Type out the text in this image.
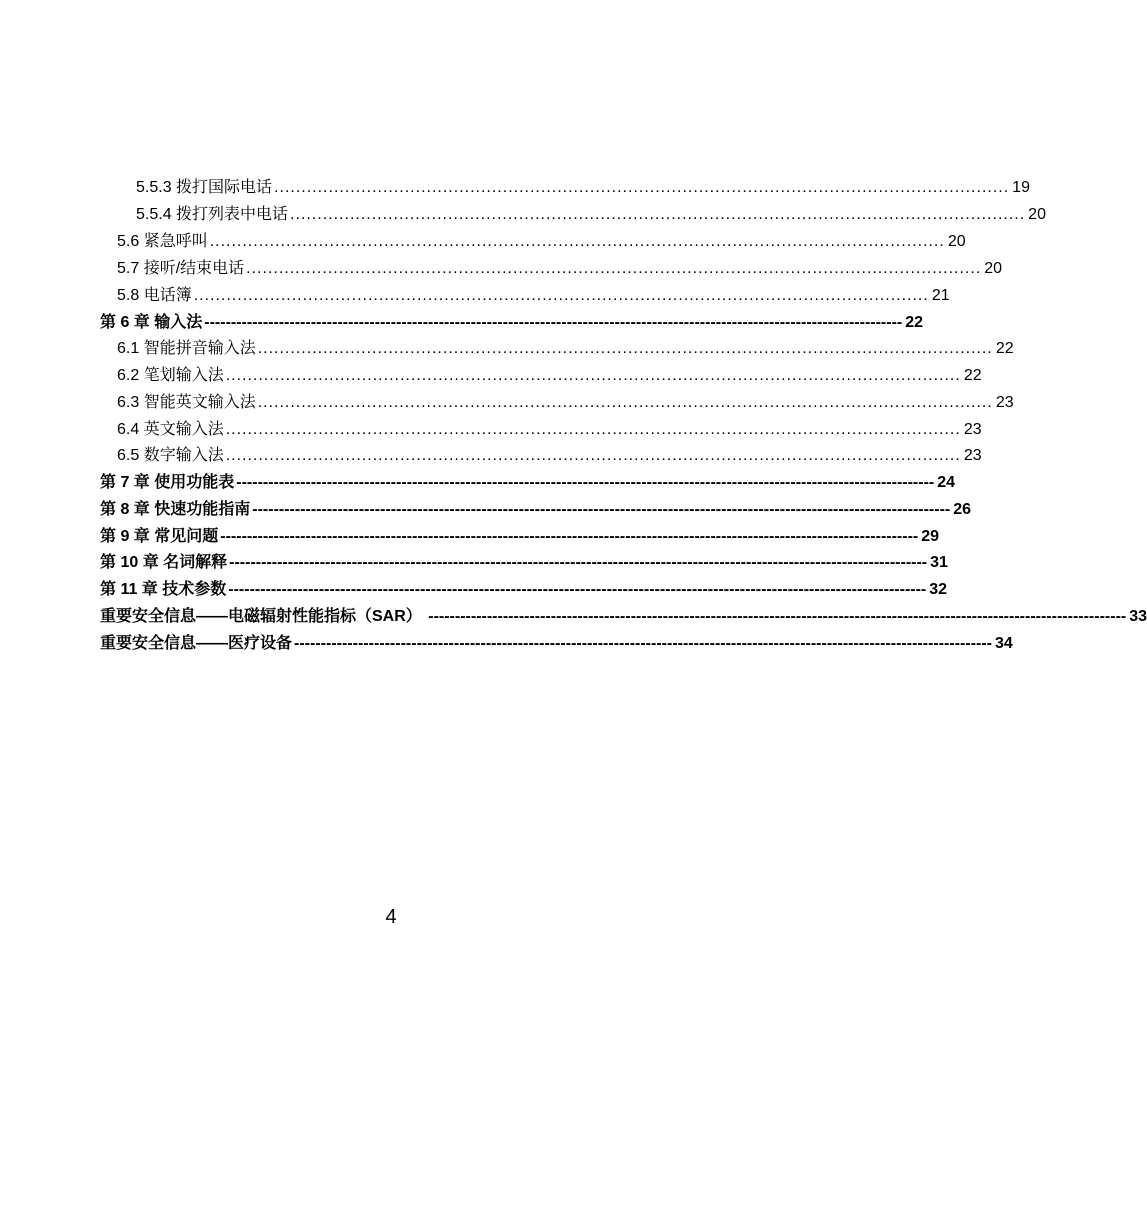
5.5.3 拨打国际电话 ....................................................................................................................................... 19
5.5.4 拨打列表中电话 ....................................................................................................................................... 20
5.6 紧急呼叫 ....................................................................................................................................... 20
5.7 接听/结束电话 ....................................................................................................................................... 20
5.8 电话簿 ....................................................................................................................................... 21
第 6 章 输入法 ----------------------------------------------------------------------------------------------------------------------------------- 22
6.1 智能拼音输入法 ....................................................................................................................................... 22
6.2 笔划输入法 ....................................................................................................................................... 22
6.3 智能英文输入法 ....................................................................................................................................... 23
6.4 英文输入法 ....................................................................................................................................... 23
6.5 数字输入法 ....................................................................................................................................... 23
第 7 章 使用功能表 ----------------------------------------------------------------------------------------------------------------------------------- 24
第 8 章 快速功能指南 ----------------------------------------------------------------------------------------------------------------------------------- 26
第 9 章 常见问题 ----------------------------------------------------------------------------------------------------------------------------------- 29
第 10 章 名词解释 ----------------------------------------------------------------------------------------------------------------------------------- 31
第 11 章 技术参数 ----------------------------------------------------------------------------------------------------------------------------------- 32
重要安全信息——电磁辐射性能指标（SAR） ----------------------------------------------------------------------------------------------------------------------------------- 33
重要安全信息——医疗设备 ----------------------------------------------------------------------------------------------------------------------------------- 34
4
